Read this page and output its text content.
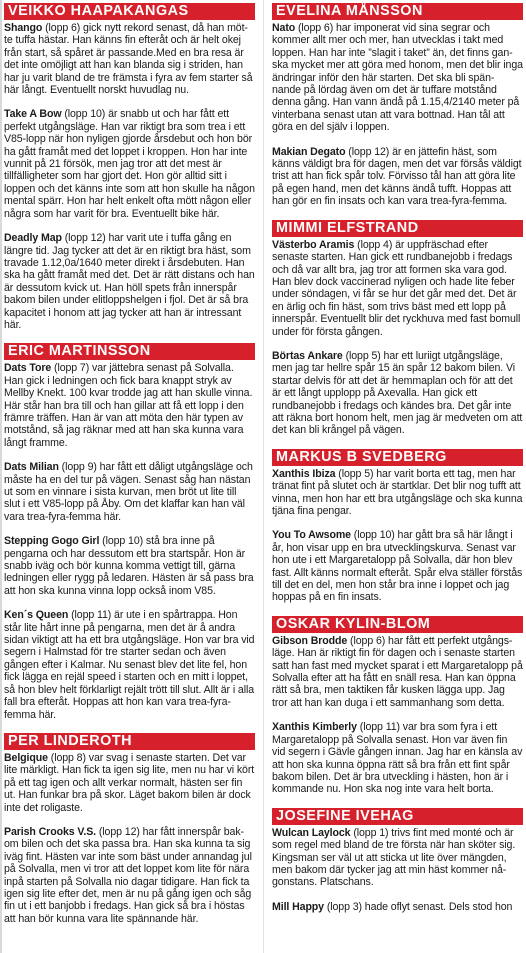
VEIKKO HAAPAKANGAS

Shango (lopp 6) gick nytt rekord senast, då han möt-te tuffa hästar. Han känns fin efteråt och är helt okej från start, så spåret är passande.Med en bra resa är det inte omöjligt att han kan blanda sig i striden, han har ju varit bland de tre främsta i fyra av fem starter så här långt. Eventuellt norskt huvudlag nu.

Take A Bow (lopp 10) är snabb ut och har fått ett perfekt utgångsläge. Han var riktigt bra som trea i ett V85-lopp när hon nyligen gjorde årsdebut och hon bör ha gått framåt med det loppet i kroppen. Hon har inte vunnit på 21 försök, men jag tror att det mest är tillfälligheter som har gjort det. Hon gör alltid sitt i loppen och det känns inte som att hon skulle ha någon mental spärr. Hon har helt enkelt ofta mött någon eller några som har varit för bra. Eventuellt bike här.

Deadly Map (lopp 12) har varit ute i tuffa gång en längre tid. Jag tycker att det är en riktigt bra häst, som travade 1.12,0a/1640 meter direkt i årsdebuten. Han ska ha gått framåt med det. Det är rätt distans och han är dessutom kvick ut. Han höll spets från innerspår bakom bilen under elitloppshelgen i fjol. Det är så bra kapacitet i honom att jag tycker att han är intressant här.

ERIC MARTINSSON

Dats Tore (lopp 7) var jättebra senast på Solvalla. Han gick i ledningen och fick bara knappt stryk av Mellby Knekt. 100 kvar trodde jag att han skulle vinna. Här står han bra till och han gillar att få ett lopp i den främre träffen. Han är van att möta den här typen av motstånd, så jag räknar med att han ska kunna vara långt framme.

Dats Milian (lopp 9) har fått ett dåligt utgångsläge och måste ha en del tur på vägen. Senast såg han nästan ut som en vinnare i sista kurvan, men bröt ut lite till slut i ett V85-lopp på Åby. Om det klaffar kan han väl vara trea-fyra-femma här.

Stepping Gogo Girl (lopp 10) stå bra inne på pengarna och har dessutom ett bra startspår. Hon är snabb iväg och bör kunna komma vettigt till, gärna ledningen eller rygg på ledaren. Hästen är så pass bra att hon ska kunna vinna lopp också inom V85.

Ken´s Queen (lopp 11) är ute i en spårtrappa. Hon står lite hårt inne på pengarna, men det är å andra sidan viktigt att ha ett bra utgångsläge. Hon var bra vid segern i Halmstad för tre starter sedan och även gången efter i Kalmar. Nu senast blev det lite fel, hon fick lägga en rejäl speed i starten och en mitt i loppet, så hon blev helt förklarligt rejält trött till slut. Allt är i alla fall bra efteråt. Hoppas att hon kan vara trea-fyra-femma här.

PER LINDEROTH

Belgique (lopp 8) var svag i senaste starten. Det var lite märkligt. Han fick ta igen sig lite, men nu har vi kört på ett tag igen och allt verkar normalt, hästen ser fin ut. Han funkar bra på skor. Läget bakom bilen är dock inte det roligaste.

Parish Crooks V.S. (lopp 12) har fått innerspår bak-om bilen och det ska passa bra. Han ska kunna ta sig iväg fint. Hästen var inte som bäst under annandag jul på Solvalla, men vi tror att det loppet kom lite för nära inpå starten på Solvalla nio dagar tidigare. Han fick ta igen sig lite efter det, men är nu på gång igen och såg fin ut i ett banjobb i fredags. Han gick så bra i höstas att han bör kunna vara lite spännande här.

EVELINA MÅNSSON

Nato (lopp 6) har imponerat vid sina segrar och kommer allt mer och mer, han utvecklas i takt med loppen. Han har inte ”slagit i taket” än, det finns gan-ska mycket mer att göra med honom, men det blir inga ändringar inför den här starten. Det ska bli spän-nande på lördag även om det är tuffare motstånd denna gång. Han vann ändå på 1.15,4/2140 meter på vinterbana senast utan att vara bottnad. Han tål att göra en del själv i loppen.

Makian Degato (lopp 12) är en jättefin häst, som känns väldigt bra för dagen, men det var försås väldigt trist att han fick spår tolv. Förvisso tål han att göra lite på egen hand, men det känns ändå tufft. Hoppas att han gör en fin insats och kan vara trea-fyra-femma.

MIMMI ELFSTRAND

Västerbo Aramis (lopp 4) är uppfräschad efter senaste starten. Han gick ett rundbanejobb i fredags och då var allt bra, jag tror att formen ska vara god. Han blev dock vaccinerad nyligen och hade lite feber under söndagen, vi får se hur det går med det. Det är en ärlig och fin häst, som trivs bäst med ett lopp på innerspår. Eventuellt blir det ryckhuva med fast bomull under för första gången.

Börtas Ankare (lopp 5) har ett luriigt utgångsläge, men jag tar hellre spår 15 än spår 12 bakom bilen. Vi startar delvis för att det är hemmaplan och för att det är ett långt upplopp på Axevalla. Han gick ett rundbanejobb i fredags och kändes bra. Det går inte att räkna bort honom helt, men jag är medveten om att det kan bli krångel på vägen.

MARKUS B SVEDBERG

Xanthis Ibiza (lopp 5) har varit borta ett tag, men har tränat fint på slutet och är startklar. Det blir nog tufft att vinna, men hon har ett bra utgångsläge och ska kunna tjäna fina pengar.

You To Awsome (lopp 10) har gått bra så här långt i år, hon visar upp en bra utvecklingskurva. Senast var hon ute i ett Margaretalopp på Solvalla, där hon blev fast. Allt känns normalt efteråt. Spår elva ställer förstås till det en del, men hon står bra inne i loppet och jag hoppas på en fin insats.

OSKAR KYLIN-BLOM

Gibson Brodde (lopp 6) har fått ett perfekt utgångs-läge. Han är riktigt fin för dagen och i senaste starten satt han fast med mycket sparat i ett Margaretalopp på Solvalla efter att ha fått en snäll resa. Han kan öppna rätt så bra, men taktiken får kusken lägga upp. Jag tror att han kan duga i ett sammanhang som detta.

Xanthis Kimberly (lopp 11) var bra som fyra i ett Margaretalopp på Solvalla senast. Hon var även fin vid segern i Gävle gången innan. Jag har en känsla av att hon ska kunna öppna rätt så bra från ett fint spår bakom bilen. Det är bra utveckling i hästen, hon är i kommande nu. Hon ska nog inte vara helt borta.

JOSEFINE IVEHAG

Wulcan Laylock (lopp 1) trivs fint med monté och är som regel med bland de tre första när han sköter sig. Kingsman ser väl ut att sticka ut lite över mängden, men bakom där tycker jag att min häst kommer nå-gonstans. Platschans.

Mill Happy (lopp 3) hade oflyt senast. Dels stod hon
